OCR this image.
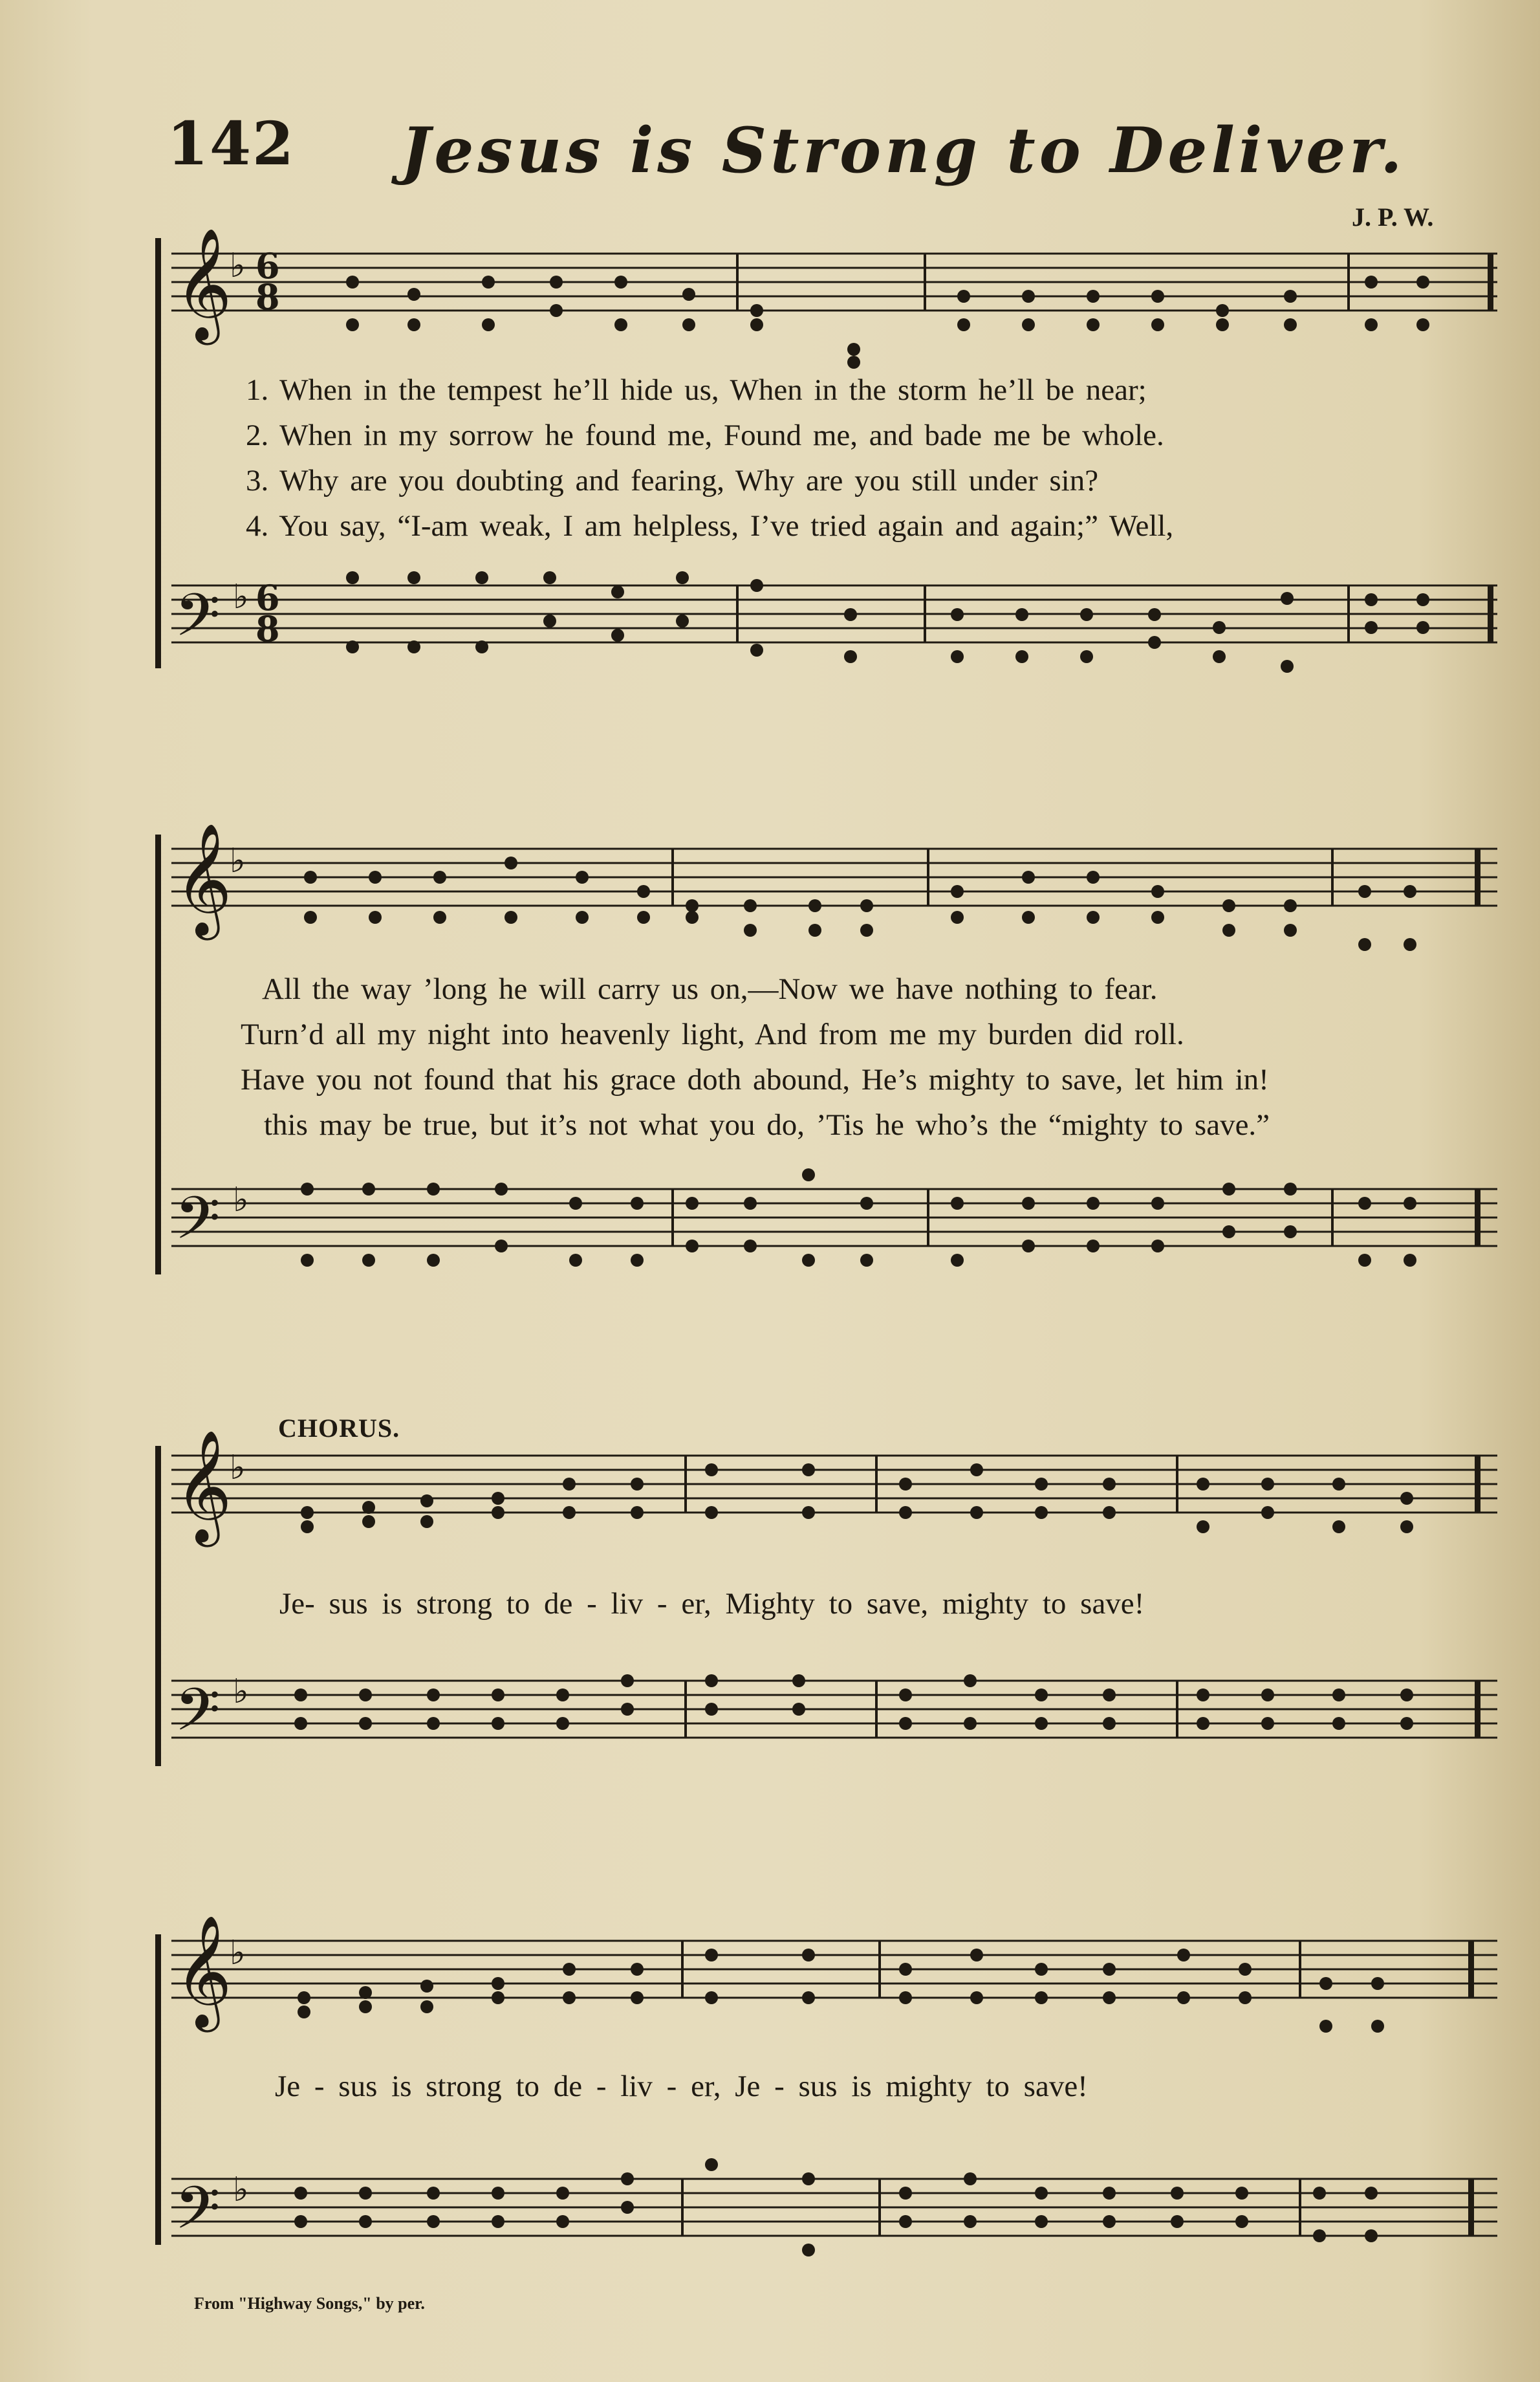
142 Jesus is Strong to Deliver.
J. P. W.
𝄞
𝄢
6
8
6
8
♭
♭
𝄞
𝄢
♭
♭
𝄞
𝄢
♭
♭
𝄞
𝄢
♭
♭
1. When in the tempest he’ll hide us, When in the storm he’ll be near;
2. When in my sorrow he found me, Found me, and bade me be whole.
3. Why are you doubting and fearing, Why are you still under sin?
4. You say, “I-am weak, I am helpless, I’ve tried again and again;” Well,
All the way ’long he will carry us on,—Now we have nothing to fear.
Turn’d all my night into heavenly light, And from me my burden did roll.
Have you not found that his grace doth abound, He’s mighty to save, let him in!
this may be true, but it’s not what you do, ’Tis he who’s the “mighty to save.”
CHORUS.
Je- sus is strong to de - liv - er, Mighty to save, mighty to save!
Je - sus is strong to de - liv - er, Je - sus is mighty to save!
From "Highway Songs," by per.
